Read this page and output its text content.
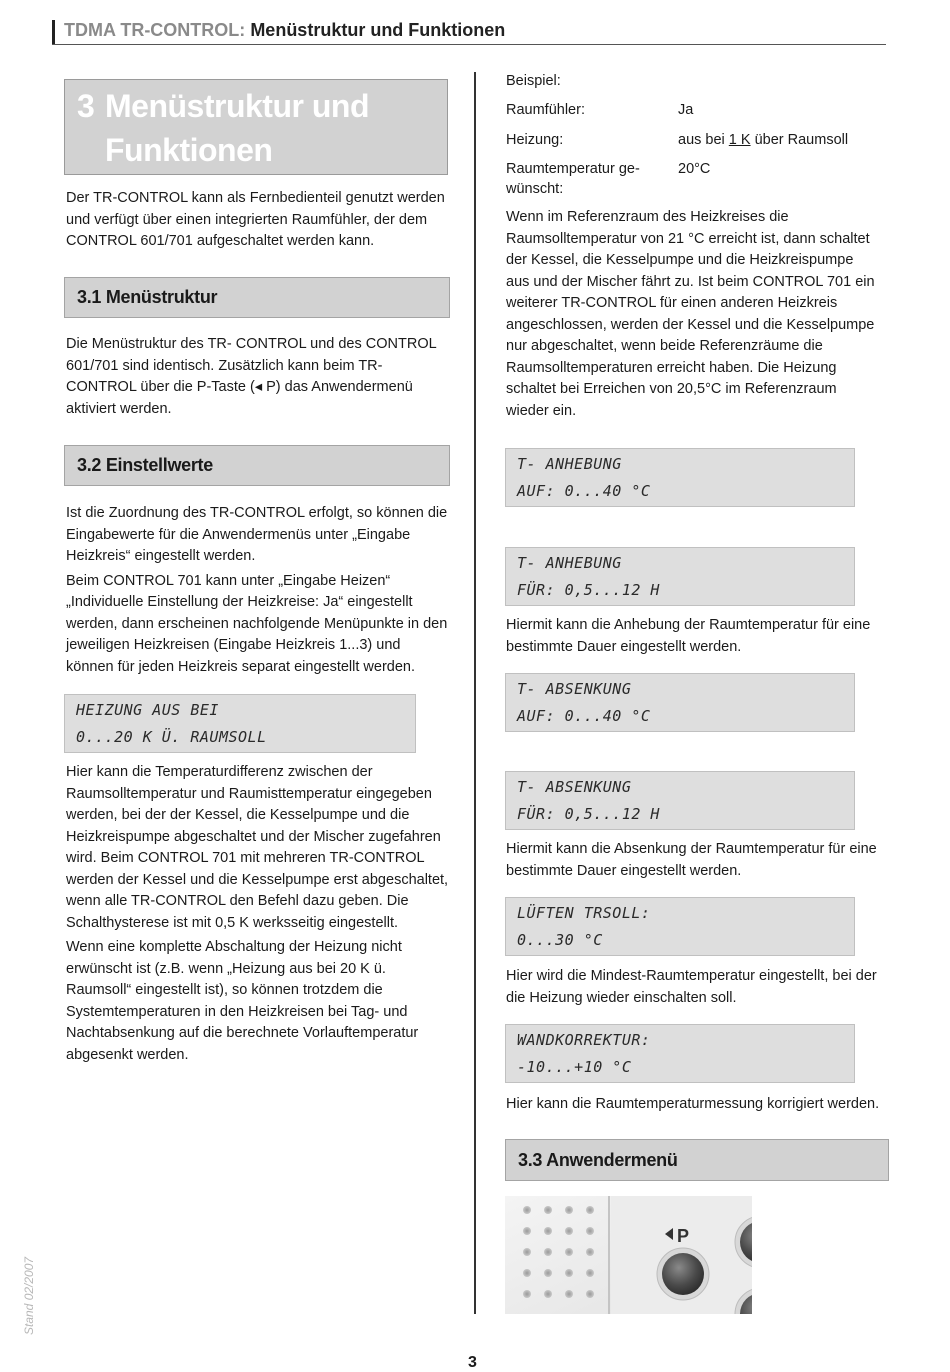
TDMA TR-CONTROL: Menüstruktur und Funktionen
3 Menüstruktur und
Funktionen
Der TR-CONTROL kann als Fernbedienteil genutzt werden und verfügt über einen integrierten Raumfühler, der dem CONTROL 601/701 aufgeschaltet werden kann.
3.1 Menüstruktur
Die Menüstruktur des TR- CONTROL und des CONTROL 601/701 sind identisch. Zusätzlich kann beim TR- CONTROL über die P-Taste (◂ P) das Anwendermenü aktiviert werden.
3.2 Einstellwerte

Ist die Zuordnung des TR-CONTROL erfolgt, so können die Eingabewerte für die Anwendermenüs unter „Eingabe Heizkreis“ eingestellt werden.

Beim CONTROL 701 kann unter „Eingabe Heizen“ „Individuelle Einstellung der Heizkreise: Ja“ eingestellt werden, dann erscheinen nachfolgende Menüpunkte in den jeweiligen Heizkreisen (Eingabe Heizkreis 1...3) und können für jeden Heizkreis separat eingestellt werden.

HEIZUNG AUS BEI
0...20 K Ü. RAUMSOLL

Hier kann die Temperaturdifferenz zwischen der Raumsolltemperatur und Raumisttemperatur eingegeben werden, bei der der Kessel, die Kesselpumpe und die Heizkreispumpe abgeschaltet und der Mischer zugefahren wird. Beim CONTROL 701 mit mehreren TR-CONTROL werden der Kessel und die Kesselpumpe erst abgeschaltet, wenn alle TR-CONTROL den Befehl dazu geben. Die Schalthysterese ist mit 0,5 K werksseitig eingestellt.

Wenn eine komplette Abschaltung der Heizung nicht erwünscht ist (z.B. wenn „Heizung aus bei 20 K ü. Raumsoll“ eingestellt ist), so können trotzdem die Systemtemperaturen in den Heizkreisen bei Tag- und Nachtabsenkung auf die berechnete Vorlauftemperatur abgesenkt werden.

Beispiel:
Raumfühler:	Ja
Heizung:	aus bei 1 K über Raumsoll
Raumtemperatur ge-
wünscht:
20°C
Wenn im Referenzraum des Heizkreises die Raumsolltemperatur von 21 °C erreicht ist, dann schaltet der Kessel, die Kesselpumpe und die Heizkreispumpe aus und der Mischer fährt zu. Ist beim CONTROL 701 ein weiterer TR-CONTROL für einen anderen Heizkreis angeschlossen, werden der Kessel und die Kesselpumpe nur abgeschaltet, wenn beide Referenzräume die Raumsolltemperaturen erreicht haben. Die Heizung schaltet bei Erreichen von 20,5°C im Referenzraum wieder ein.
T- ANHEBUNG
AUF: 0...40 °C
T- ANHEBUNG
FÜR: 0,5...12 H
Hiermit kann die Anhebung der Raumtemperatur für eine bestimmte Dauer eingestellt werden.
T- ABSENKUNG
AUF: 0...40 °C
T- ABSENKUNG
FÜR: 0,5...12 H
Hiermit kann die Absenkung der Raumtemperatur für eine bestimmte Dauer eingestellt werden.
LÜFTEN TRSOLL:
0...30 °C
Hier wird die Mindest-Raumtemperatur eingestellt, bei der die Heizung wieder einschalten soll.
WANDKORREKTUR:
-10...+10 °C
Hier kann die Raumtemperaturmessung korrigiert werden.
3.3 Anwendermenü
P
3
Stand 02/2007
